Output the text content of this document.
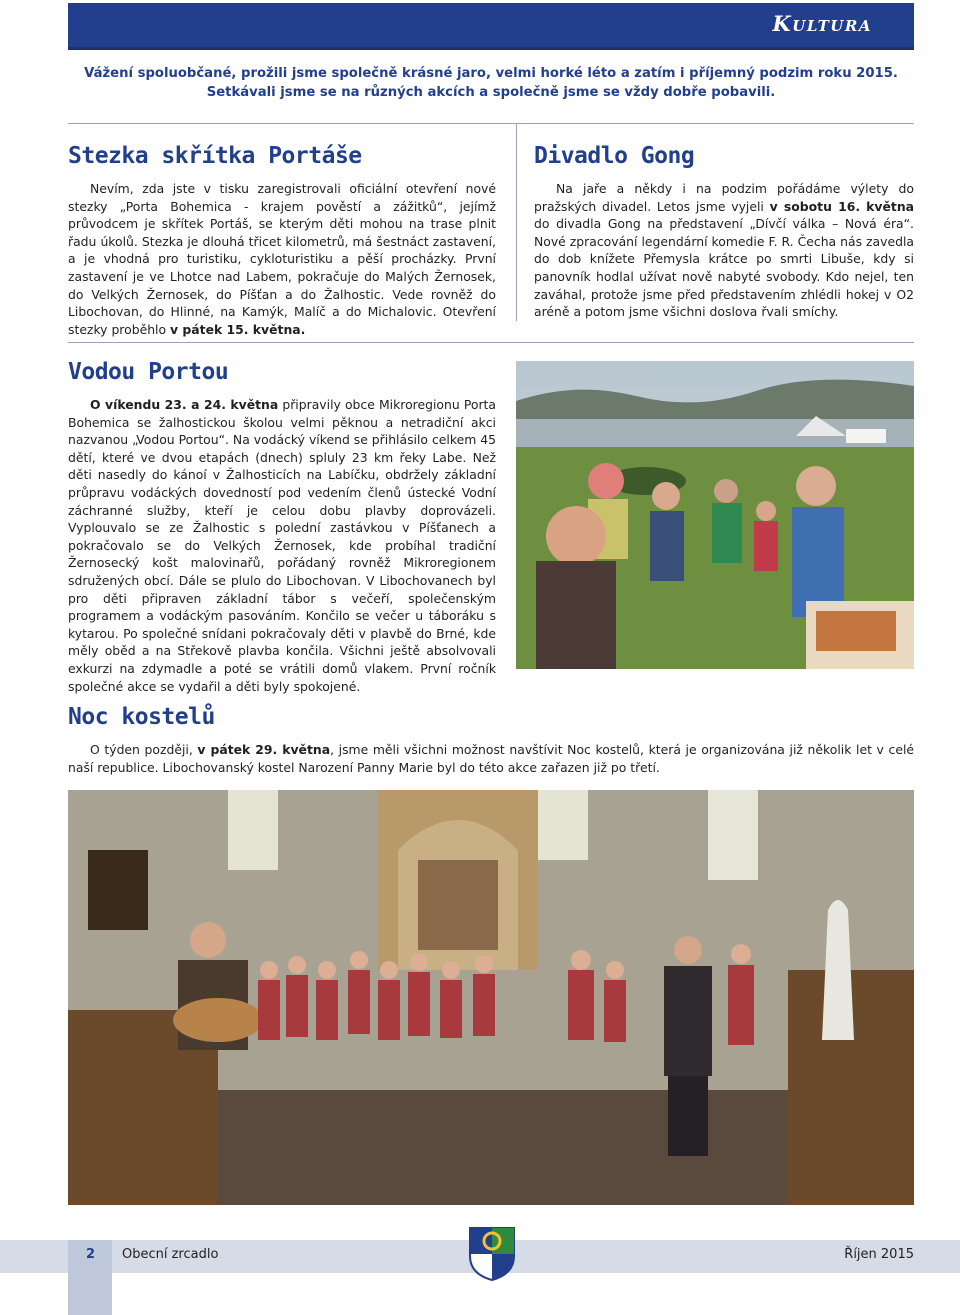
Kultura
Vážení spoluobčané, prožili jsme společně krásné jaro, velmi horké léto a zatím i příjemný podzim roku 2015.
Setkávali jsme se na různých akcích a společně jsme se vždy dobře pobavili.
Stezka skřítka Portáše

Nevím, zda jste v tisku zaregistrovali oficiální otevření nové stezky „Porta Bohemica - krajem pověstí a zážitků“, jejímž průvodcem je skřítek Portáš, se kterým děti mohou na trase plnit řadu úkolů. Stezka je dlouhá třicet kilometrů, má šestnáct zastavení, a je vhodná pro turistiku, cykloturistiku a pěší procházky. První zastavení je ve Lhotce nad Labem, pokračuje do Malých Žernosek, do Velkých Žernosek, do Píšťan a do Žalhostic. Vede rovněž do Libochovan, do Hlinné, na Kamýk, Malíč a do Michalovic. Otevření stezky proběhlo v pátek 15. května.

Divadlo Gong

Na jaře a někdy i na podzim pořádáme výlety do pražských divadel. Letos jsme vyjeli v sobotu 16. května do divadla Gong na představení „Dívčí válka – Nová éra“. Nové zpracování legendární komedie F. R. Čecha nás zavedla do dob knížete Přemysla krátce po smrti Libuše, kdy si panovník hodlal užívat nově nabyté svobody. Kdo nejel, ten zaváhal, protože jsme před představením zhlédli hokej v O2 aréně a potom jsme všichni doslova řvali smíchy.

Vodou Portou

O víkendu 23. a 24. května připravily obce Mikroregionu Porta Bohemica se žalhostickou školou velmi pěknou a netradiční akci nazvanou „Vodou Portou“. Na vodácký víkend se přihlásilo celkem 45 dětí, které ve dvou etapách (dnech) spluly 23 km řeky Labe. Než děti nasedly do kánoí v Žalhosticích na Labíčku, obdržely základní průpravu vodáckých dovedností pod vedením členů ústecké Vodní záchranné služby, kteří je celou dobu plavby doprovázeli. Vyplouvalo se ze Žalhostic s polední zastávkou v Píšťanech a pokračovalo se do Velkých Žernosek, kde probíhal tradiční Žernosecký košt malovinařů, pořádaný rovněž Mikroregionem sdružených obcí. Dále se plulo do Libochovan. V Libochovanech byl pro děti připraven základní tábor s večeří, společenským programem a vodáckým pasováním. Končilo se večer u táboráku s kytarou. Po společné snídani pokračovaly děti v plavbě do Brné, kde měly oběd a na Střekově plavba končila. Všichni ještě absolvovali exkurzi na zdymadle a poté se vrátili domů vlakem. První ročník společné akce se vydařil a děti byly spokojené.

Noc kostelů

O týden později, v pátek 29. května, jsme měli všichni možnost navštívit Noc kostelů, která je organizována již několik let v celé naší republice. Libochovanský kostel Narození Panny Marie byl do této akce zařazen již po třetí.

2 Obecní zrcadlo	Říjen 2015
